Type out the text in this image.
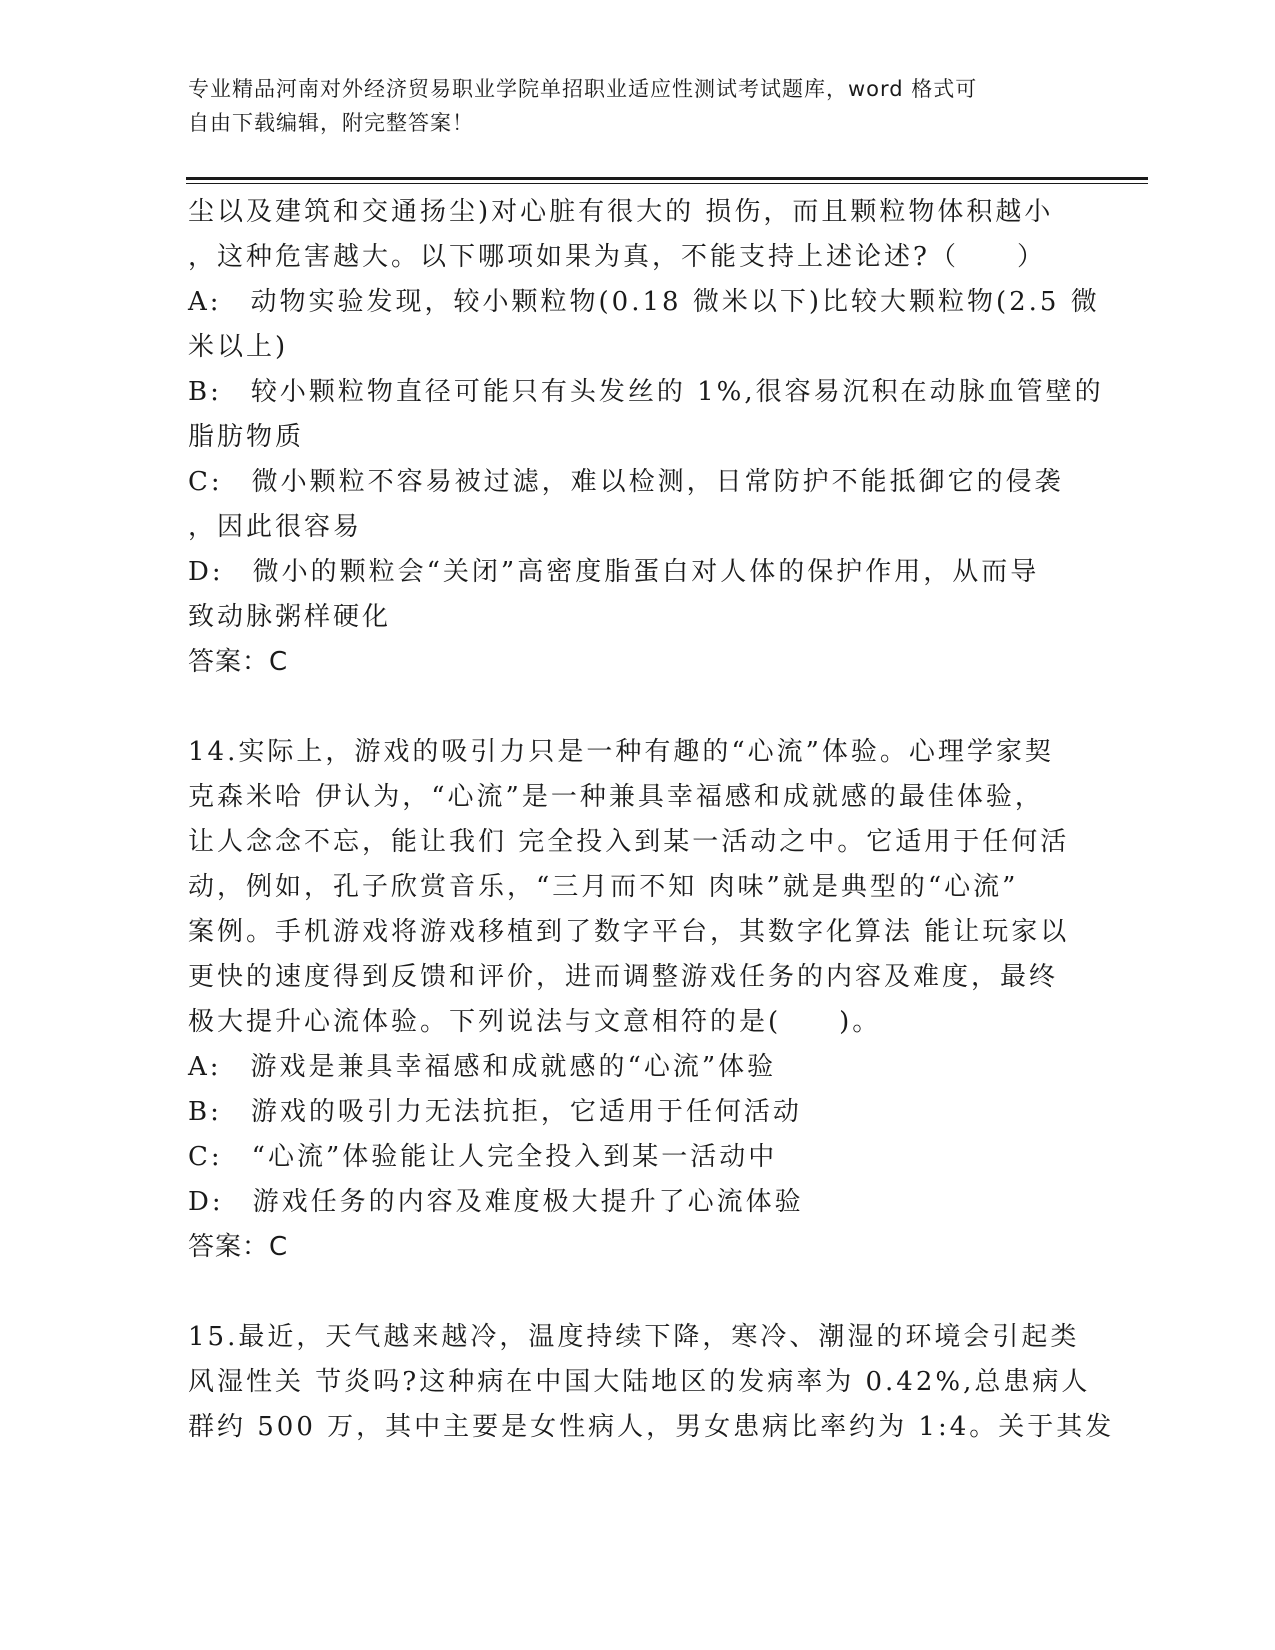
专业精品河南对外经济贸易职业学院单招职业适应性测试考试题库，word 格式可

自由下载编辑，附完整答案！

尘以及建筑和交通扬尘)对心脏有很大的 损伤，而且颗粒物体积越小

，这种危害越大。以下哪项如果为真，不能支持上述论述?（　　）

A:　动物实验发现，较小颗粒物(0.18 微米以下)比较大颗粒物(2.5 微

米以上)

B:　较小颗粒物直径可能只有头发丝的 1%,很容易沉积在动脉血管壁的

脂肪物质

C:　微小颗粒不容易被过滤，难以检测，日常防护不能抵御它的侵袭

，因此很容易

D:　微小的颗粒会“关闭”高密度脂蛋白对人体的保护作用，从而导

致动脉粥样硬化

答案：C

14.实际上，游戏的吸引力只是一种有趣的“心流”体验。心理学家契

克森米哈 伊认为，“心流”是一种兼具幸福感和成就感的最佳体验，

让人念念不忘，能让我们 完全投入到某一活动之中。它适用于任何活

动，例如，孔子欣赏音乐，“三月而不知 肉味”就是典型的“心流”

案例。手机游戏将游戏移植到了数字平台，其数字化算法 能让玩家以

更快的速度得到反馈和评价，进而调整游戏任务的内容及难度，最终

极大提升心流体验。下列说法与文意相符的是(　　)。

A:　游戏是兼具幸福感和成就感的“心流”体验

B:　游戏的吸引力无法抗拒，它适用于任何活动

C:　“心流”体验能让人完全投入到某一活动中

D:　游戏任务的内容及难度极大提升了心流体验

答案：C

15.最近，天气越来越冷，温度持续下降，寒冷、潮湿的环境会引起类

风湿性关 节炎吗?这种病在中国大陆地区的发病率为 0.42%,总患病人

群约 500 万，其中主要是女性病人，男女患病比率约为 1:4。关于其发
